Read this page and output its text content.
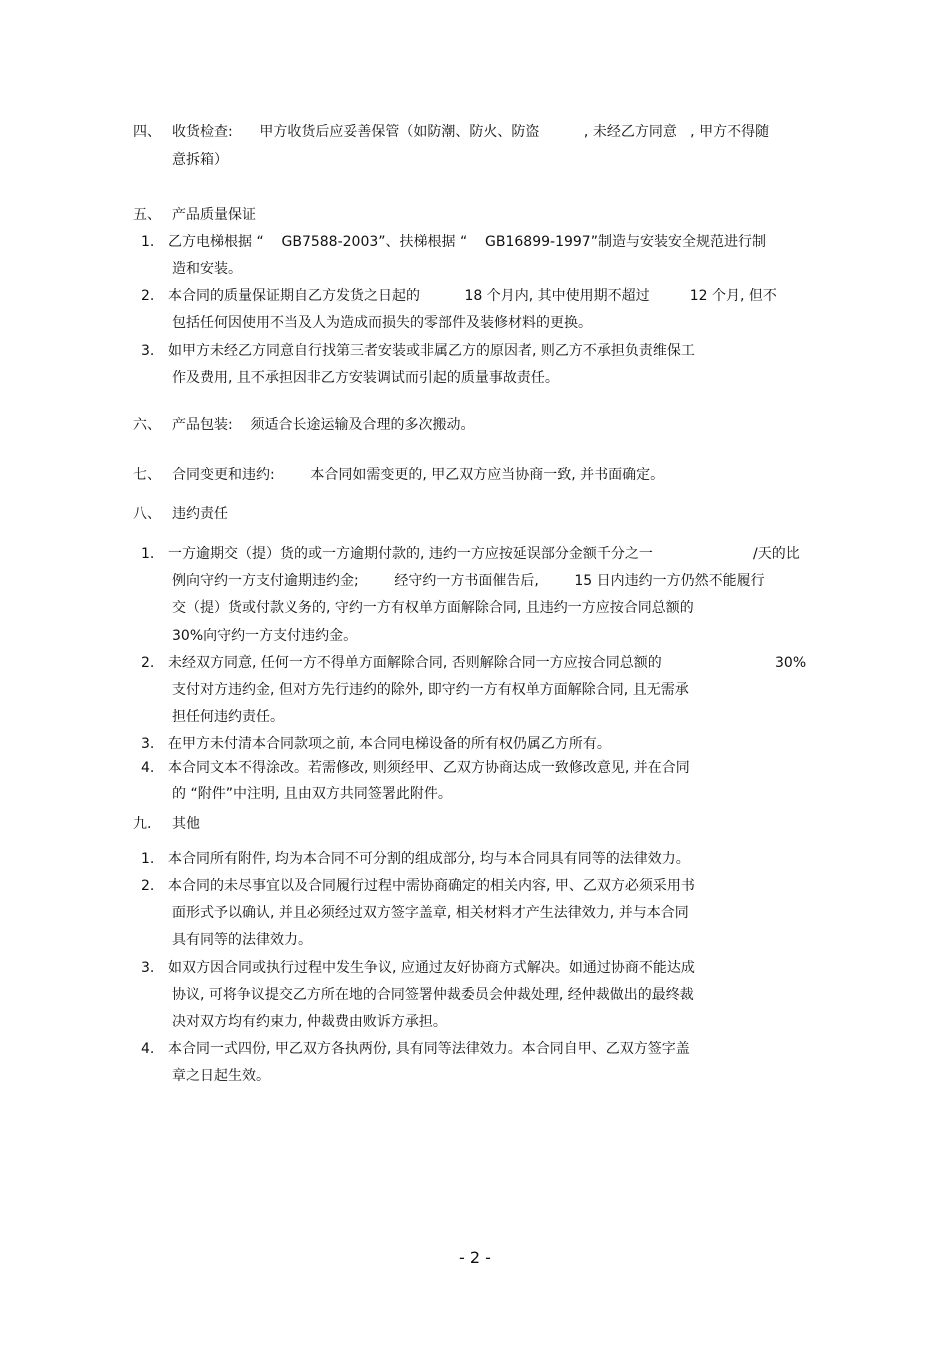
四、 收货检查:      甲方收货后应妥善保管（如防潮、防火、防盗          , 未经乙方同意   , 甲方不得随
意拆箱）
五、 产品质量保证
1. 乙方电梯根据 “    GB7588-2003”、扶梯根据 “    GB16899-1997”制造与安装安全规范进行制
造和安装。
2. 本合同的质量保证期自乙方发货之日起的          18 个月内, 其中使用期不超过         12 个月, 但不
包括任何因使用不当及人为造成而损失的零部件及装修材料的更换。
3. 如甲方未经乙方同意自行找第三者安装或非属乙方的原因者, 则乙方不承担负责维保工
作及费用, 且不承担因非乙方安装调试而引起的质量事故责任。
六、 产品包装:    须适合长途运输及合理的多次搬动。
七、 合同变更和违约:        本合同如需变更的, 甲乙双方应当协商一致, 并书面确定。
八、 违约责任
1. 一方逾期交（提）货的或一方逾期付款的, 违约一方应按延误部分金额千分之一	/天的比
例向守约一方支付逾期违约金;        经守约一方书面催告后,        15 日内违约一方仍然不能履行
交（提）货或付款义务的, 守约一方有权单方面解除合同, 且违约一方应按合同总额的
30%向守约一方支付违约金。
2. 未经双方同意, 任何一方不得单方面解除合同, 否则解除合同一方应按合同总额的	30%
支付对方违约金, 但对方先行违约的除外, 即守约一方有权单方面解除合同, 且无需承
担任何违约责任。
3. 在甲方未付清本合同款项之前, 本合同电梯设备的所有权仍属乙方所有。
4. 本合同文本不得涂改。若需修改, 则须经甲、乙双方协商达成一致修改意见, 并在合同
的 “附件”中注明, 且由双方共同签署此附件。
九. 其他
1. 本合同所有附件, 均为本合同不可分割的组成部分, 均与本合同具有同等的法律效力。
2. 本合同的未尽事宜以及合同履行过程中需协商确定的相关内容, 甲、乙双方必须采用书
面形式予以确认, 并且必须经过双方签字盖章, 相关材料才产生法律效力, 并与本合同
具有同等的法律效力。
3. 如双方因合同或执行过程中发生争议, 应通过友好协商方式解决。如通过协商不能达成
协议, 可将争议提交乙方所在地的合同签署仲裁委员会仲裁处理, 经仲裁做出的最终裁
决对双方均有约束力, 仲裁费由败诉方承担。
4. 本合同一式四份, 甲乙双方各执两份, 具有同等法律效力。本合同自甲、乙双方签字盖
章之日起生效。
- 2 -
